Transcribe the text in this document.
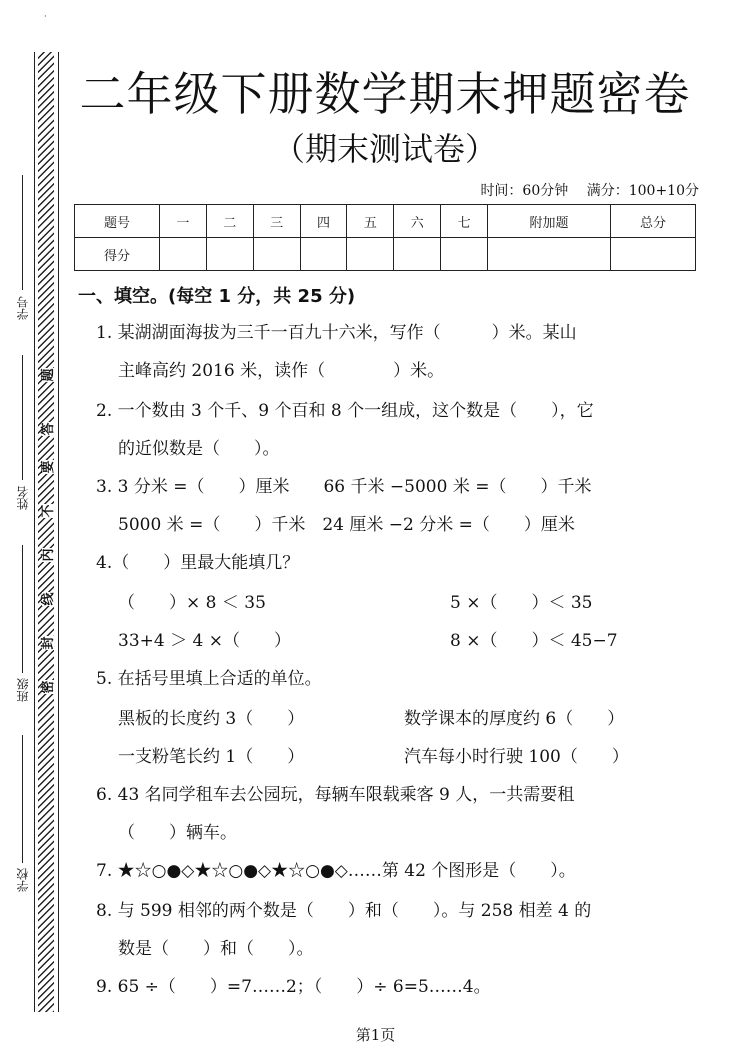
·
学号
姓名
班级
学校
题
答
要
不
内
线
封
密
二年级下册数学期末押题密卷
（期末测试卷）
时间：60分钟 满分：100+10分
题号	一	二	三	四	五	六	七	附加题	总分
得分									
一、填空。(每空 1 分，共 25 分)
1. 某湖湖面海拔为三千一百九十六米，写作（　　　）米。某山
主峰高约 2016 米，读作（　　　　）米。
2. 一个数由 3 个千、9 个百和 8 个一组成，这个数是（　　），它
的近似数是（　　）。
3. 3 分米 =（　　）厘米　　66 千米 −5000 米 =（　　）千米
5000 米 =（　　）千米　24 厘米 −2 分米 =（　　）厘米
4.（　　）里最大能填几？
（　　）× 8 ＜ 35	5 ×（　　）＜ 35
33+4 ＞ 4 ×（　　）	8 ×（　　）＜ 45−7
5. 在括号里填上合适的单位。
黑板的长度约 3（　　）	数学课本的厚度约 6（　　）
一支粉笔长约 1（　　）	汽车每小时行驶 100（　　）
6. 43 名同学租车去公园玩，每辆车限载乘客 9 人，一共需要租
（　　）辆车。
7. ★☆○●◇★☆○●◇★☆○●◇……第 42 个图形是（　　）。
8. 与 599 相邻的两个数是（　　）和（　　）。与 258 相差 4 的
数是（　　）和（　　）。
9. 65 ÷（　　）=7……2；（　　）÷ 6=5……4。
第1页
